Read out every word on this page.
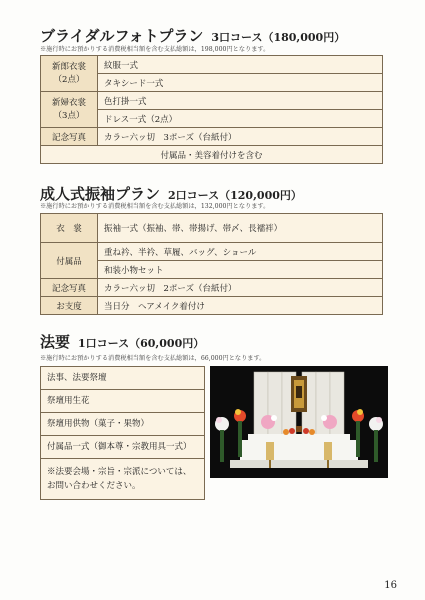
ブライダルフォトプラン 3口コース（180,000円）

※施行時にお預かりする消費税相当額を含む支払総額は，198,000円となります。

新郎衣裳
（2点）	紋服一式
	タキシード一式
新婦衣裳
（3点）	色打掛一式
	ドレス一式（2点）
記念写真	カラー六ッ切　3ポーズ（台紙付）
付属品・美容着付けを含む	

成人式振袖プラン 2口コース（120,000円）

※施行時にお預かりする消費税相当額を含む支払総額は，132,000円となります。

衣　裳	振袖一式（振袖、帯、帯揚げ、帯〆、長襦袢）
付属品	重ね衿、半衿、草履、バッグ、ショール
	和装小物セット
記念写真	カラー六ッ切　2ポーズ（台紙付）
お支度	当日分　ヘアメイク着付け

法要 1口コース（60,000円）

※施行時にお預かりする消費税相当額を含む支払総額は，66,000円となります。

法事、法要祭壇
祭壇用生花
祭壇用供物（菓子・果物）
付属品一式（御本尊・宗教用具一式）
※法要会場・宗旨・宗派については、お問い合わせください。
16
